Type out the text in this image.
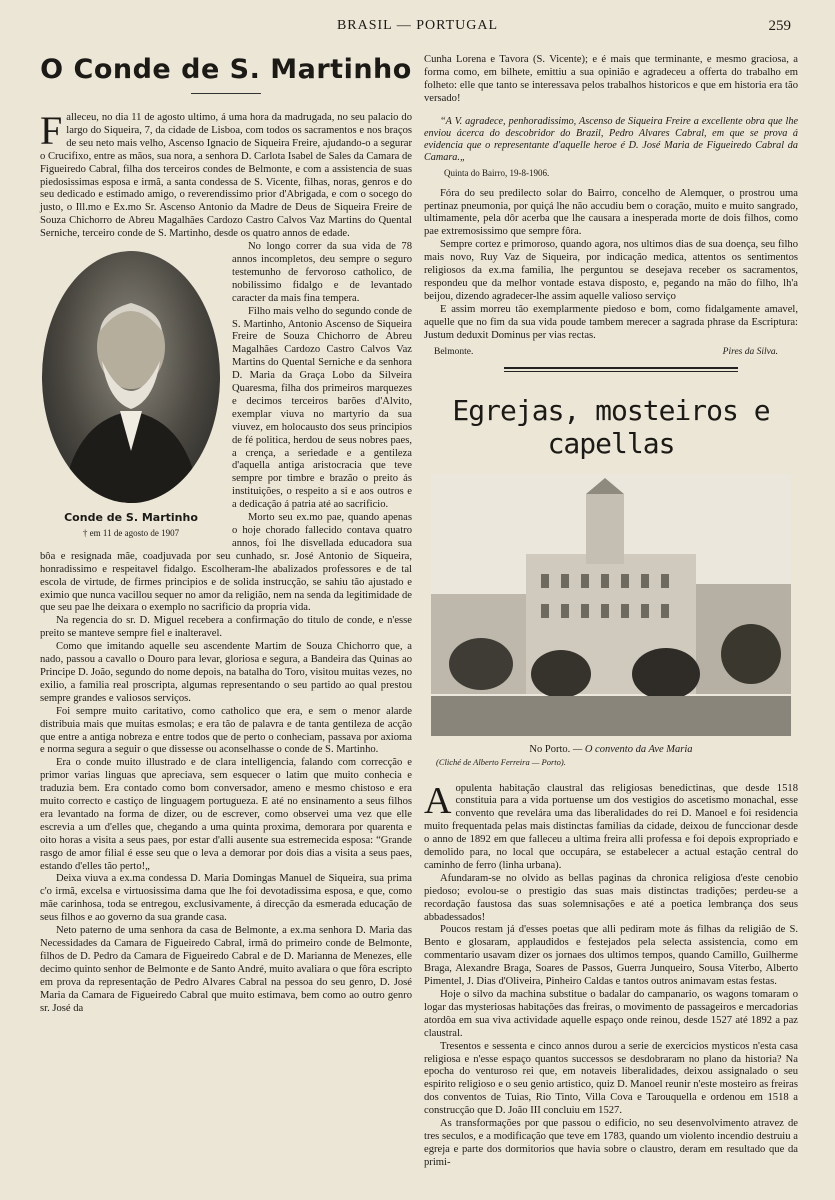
BRASIL — PORTUGAL	259
O Conde de S. Martinho

Falleceu, no dia 11 de agosto ultimo, á uma hora da madrugada, no seu palacio do largo do Siqueira, 7, da cidade de Lisboa, com todos os sacramentos e nos braços de seu neto mais velho, Ascenso Ignacio de Siqueira Freire, ajudando-o a segurar o Crucifixo, entre as mãos, sua nora, a senhora D. Carlota Isabel de Sales da Camara de Figueiredo Cabral, filha dos terceiros condes de Belmonte, e com a assistencia de suas piedosissimas esposa e irmã, a santa condessa de S. Vicente, filhas, noras, genros e do seu dedicado e estimado amigo, o reverendissimo prior d'Abrigada, e com o socego do justo, o Ill.mo e Ex.mo Sr. Ascenso Antonio da Madre de Deus de Siqueira Freire de Souza Chichorro de Abreu Magalhães Cardozo Castro Calvos Vaz Martins do Quental Serniche, terceiro conde de S. Martinho, desde os quatro annos de edade.

Conde de S. Martinho
† em 11 de agosto de 1907

No longo correr da sua vida de 78 annos incompletos, deu sempre o seguro testemunho de fervoroso catholico, de nobilissimo fidalgo e de levantado caracter da mais fina tempera.

Filho mais velho do segundo conde de S. Martinho, Antonio Ascenso de Siqueira Freire de Souza Chichorro de Abreu Magalhães Cardozo Castro Calvos Vaz Martins do Quental Serniche e da senhora D. Maria da Graça Lobo da Silveira Quaresma, filha dos primeiros marquezes e decimos terceiros barões d'Alvito, exemplar viuva no martyrio da sua viuvez, em holocausto dos seus principios de fé politica, herdou de seus nobres paes, a crença, a seriedade e a gentileza d'aquella antiga aristocracia que teve sempre por timbre e brazão o preito ás instituições, o respeito a si e aos outros e a dedicação á patria até ao sacrificio.

Morto seu ex.mo pae, quando apenas o hoje chorado fallecido contava quatro annos, foi lhe disvellada educadora sua bôa e resignada mãe, coadjuvada por seu cunhado, sr. José Antonio de Siqueira, honradissimo e respeitavel fidalgo. Escolheram-lhe abalizados professores e de tal escola de virtude, de firmes principios e de solida instrucção, se sahiu tão ajustado e eximio que nunca vacillou sequer no amor da religião, nem na senda da legitimidade de que seu pae lhe deixara o exemplo no sacrificio da propria vida.

Na regencia do sr. D. Miguel recebera a confirmação do titulo de conde, e n'esse preito se manteve sempre fiel e inalteravel.

Como que imitando aquelle seu ascendente Martim de Souza Chichorro que, a nado, passou a cavallo o Douro para levar, gloriosa e segura, a Bandeira das Quinas ao Principe D. João, segundo do nome depois, na batalha do Toro, visitou muitas vezes, no exilio, a familia real proscripta, algumas representando o seu partido ao qual prestou sempre grandes e valiosos serviços.

Foi sempre muito caritativo, como catholico que era, e sem o menor alarde distribuia mais que muitas esmolas; e era tão de palavra e de tanta gentileza de acção que entre a antiga nobreza e entre todos que de perto o conheciam, passava por axioma e norma segura a seguir o que dissesse ou aconselhasse o conde de S. Martinho.

Era o conde muito illustrado e de clara intelligencia, falando com correcção e primor varias linguas que apreciava, sem esquecer o latim que muito conhecia e traduzia bem. Era contado como bom conversador, ameno e mesmo chistoso e era muito correcto e castiço de linguagem portugueza. E até no ensinamento a seus filhos era levantado na forma de dizer, ou de escrever, como observei uma vez que elle escrevia a um d'elles que, chegando a uma quinta proxima, demorara por quarenta e oito horas a visita a seus paes, por estar d'alli ausente sua estremecida esposa: “Grande rasgo de amor filial é esse seu que o leva a demorar por dois dias a visita a seus paes, estando d'elles tão perto!„

Deixa viuva a ex.ma condessa D. Maria Domingas Manuel de Siqueira, sua prima c'o irmã, excelsa e virtuosissima dama que lhe foi devotadissima esposa, e que, como mãe carinhosa, toda se entregou, exclusivamente, á direcção da esmerada educação de seus filhos e ao governo da sua grande casa.

Neto paterno de uma senhora da casa de Belmonte, a ex.ma senhora D. Maria das Necessidades da Camara de Figueiredo Cabral, irmã do primeiro conde de Belmonte, filhos de D. Pedro da Camara de Figueiredo Cabral e de D. Marianna de Menezes, elle decimo quinto senhor de Belmonte e de Santo André, muito avaliara o que fôra escripto em prova da representação de Pedro Alvares Cabral na pessoa do seu genro, D. José Maria da Camara de Figueiredo Cabral que muito estimava, bem como ao outro genro sr. José da

Cunha Lorena e Tavora (S. Vicente); e é mais que terminante, e mesmo graciosa, a forma como, em bilhete, emittiu a sua opinião e agradeceu a offerta do trabalho em folheto: elle que tanto se interessava pelos trabalhos historicos e que em historia era tão versado!

“A V. agradece, penhoradissimo, Ascenso de Siqueira Freire a excellente obra que lhe enviou ácerca do descobridor do Brazil, Pedro Alvares Cabral, em que se prova á evidencia que o representante d'aquelle heroe é D. José Maria de Figueiredo Cabral da Camara.„

Quinta do Bairro, 19-8-1906.

Fóra do seu predilecto solar do Bairro, concelho de Alemquer, o prostrou uma pertinaz pneumonia, por quiçá lhe não accudiu bem o coração, muito e muito sangrado, ultimamente, pela dôr acerba que lhe causara a inesperada morte de dois filhos, como pae extremosissimo que sempre fôra.

Sempre cortez e primoroso, quando agora, nos ultimos dias de sua doença, seu filho mais novo, Ruy Vaz de Siqueira, por indicação medica, attentos os sentimentos religiosos da ex.ma familia, lhe perguntou se desejava receber os sacramentos, respondeu que da melhor vontade estava disposto, e, pegando na mão do filho, lh'a beijou, dizendo agradecer-lhe assim aquelle valioso serviço

E assim morreu tão exemplarmente piedoso e bom, como fidalgamente amavel, aquelle que no fim da sua vida poude tambem merecer a sagrada phrase da Escriptura: Justum deduxit Dominus per vias rectas.

Belmonte.	Pires da Silva.
Egrejas, mosteiros e capellas
No Porto. — O convento da Ave Maria
(Cliché de Alberto Ferreira — Porto).

Aopulenta habitação claustral das religiosas benedictinas, que desde 1518 constituia para a vida portuense um dos vestigios do ascetismo monachal, esse convento que revelára uma das liberalidades do rei D. Manoel e foi residencia muito frequentada pelas mais distinctas familias da cidade, deixou de funccionar desde o anno de 1892 em que falleceu a ultima freira alli professa e foi depois expropriado e demolido para, no local que occupára, se estabelecer a actual estação central do caminho de ferro (linha urbana).

Afundaram-se no olvido as bellas paginas da chronica religiosa d'este cenobio piedoso; evolou-se o prestigio das suas mais distinctas tradições; perdeu-se a recordação faustosa das suas solemnisações e até a poetica lembrança dos seus abbadessados!

Poucos restam já d'esses poetas que alli pediram mote ás filhas da religião de S. Bento e glosaram, applaudidos e festejados pela selecta assistencia, como em commentario usavam dizer os jornaes dos ultimos tempos, quando Camillo, Guilherme Braga, Alexandre Braga, Soares de Passos, Guerra Junqueiro, Sousa Viterbo, Alberto Pimentel, J. Dias d'Oliveira, Pinheiro Caldas e tantos outros animavam estas festas.

Hoje o silvo da machina substitue o badalar do campanario, os wagons tomaram o logar das mysteriosas habitações das freiras, o movimento de passageiros e mercadorias atordôa em sua viva actividade aquelle espaço onde reinou, desde 1527 até 1892 a paz claustral.

Tresentos e sessenta e cinco annos durou a serie de exercicios mysticos n'esta casa religiosa e n'esse espaço quantos successos se desdobraram no plano da historia? Na epocha do venturoso rei que, em notaveis liberalidades, deixou assignalado o seu espirito religioso e o seu genio artistico, quiz D. Manoel reunir n'este mosteiro as freiras dos conventos de Tuias, Rio Tinto, Villa Cova e Tarouquella e ordenou em 1518 a construcção que D. João III concluiu em 1527.

As transformações por que passou o edificio, no seu desenvolvimento atravez de tres seculos, e a modificação que teve em 1783, quando um violento incendio destruiu a egreja e parte dos dormitorios que havia sobre o claustro, deram em resultado que da primi-
